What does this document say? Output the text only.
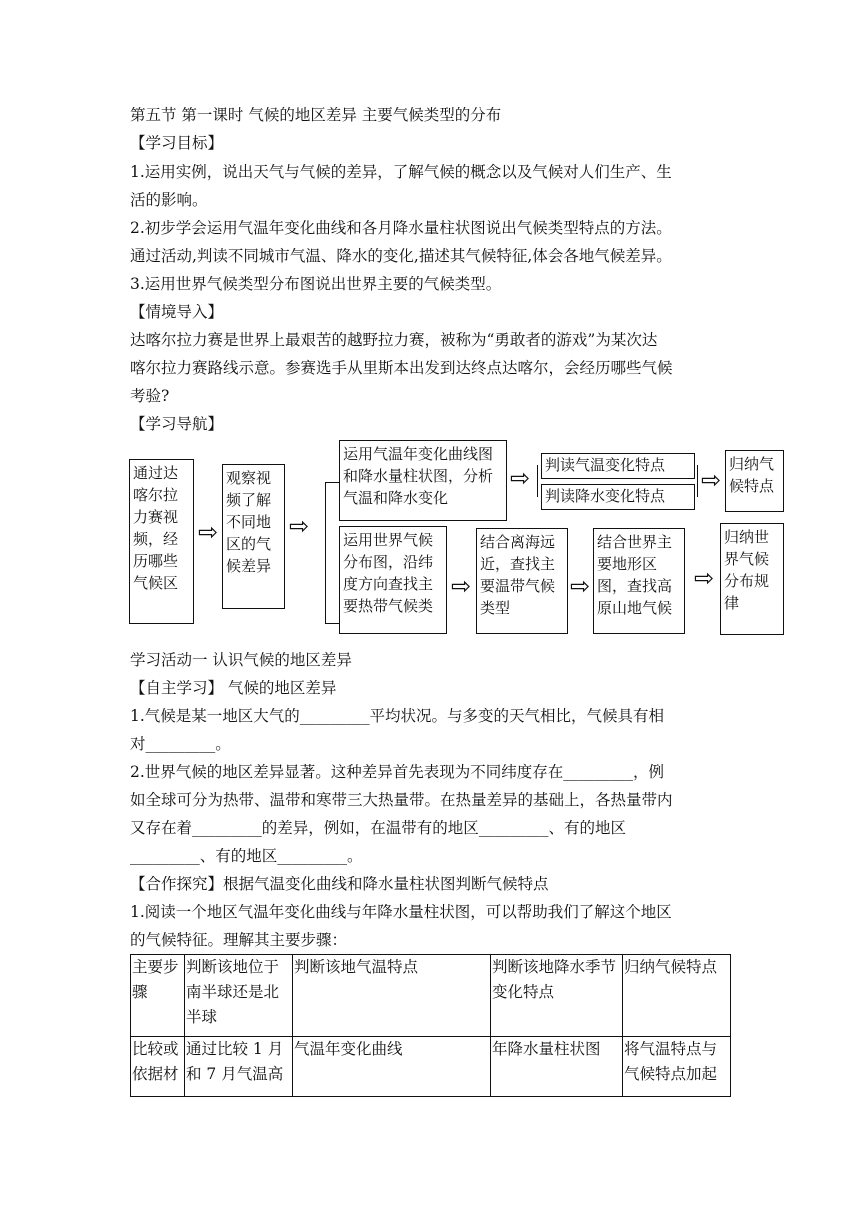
第五节 第一课时 气候的地区差异 主要气候类型的分布
【学习目标】
1.运用实例，说出天气与气候的差异，了解气候的概念以及气候对人们生产、生
活的影响。
2.初步学会运用气温年变化曲线和各月降水量柱状图说出气候类型特点的方法。
通过活动,判读不同城市气温、降水的变化,描述其气候特征,体会各地气候差异。
3.运用世界气候类型分布图说出世界主要的气候类型。
【情境导入】
达喀尔拉力赛是世界上最艰苦的越野拉力赛，被称为“勇敢者的游戏”为某次达
喀尔拉力赛路线示意。参赛选手从里斯本出发到达终点达喀尔，会经历哪些气候
考验?
【学习导航】
通过达喀尔拉力赛视频，经历哪些气候区
⇨
观察视频了解不同地区的气候差异
⇨
运用气温年变化曲线图和降水量柱状图，分析气温和降水变化
⇨ 判读气温变化特点
判读降水变化特点
⇨
归纳气候特点
运用世界气候分布图，沿纬度方向查找主要热带气候类
⇨
结合离海远近，查找主要温带气候类型
⇨
结合世界主要地形区图，查找高原山地气候
⇨
归纳世界气候分布规律
学习活动一 认识气候的地区差异
【自主学习】 气候的地区差异
1.气候是某一地区大气的_________平均状况。与多变的天气相比，气候具有相
对_________。
2.世界气候的地区差异显著。这种差异首先表现为不同纬度存在_________，例
如全球可分为热带、温带和寒带三大热量带。在热量差异的基础上，各热量带内
又存在着_________的差异，例如，在温带有的地区_________、有的地区
_________、有的地区_________。
【合作探究】根据气温变化曲线和降水量柱状图判断气候特点
1.阅读一个地区气温年变化曲线与年降水量柱状图，可以帮助我们了解这个地区
的气候特征。理解其主要步骤：
主要步骤	判断该地位于南半球还是北半球	判断该地气温特点	判断该地降水季节变化特点	归纳气候特点
比较或依据材	通过比较 1 月和 7 月气温高	气温年变化曲线	年降水量柱状图	将气温特点与气候特点加起
